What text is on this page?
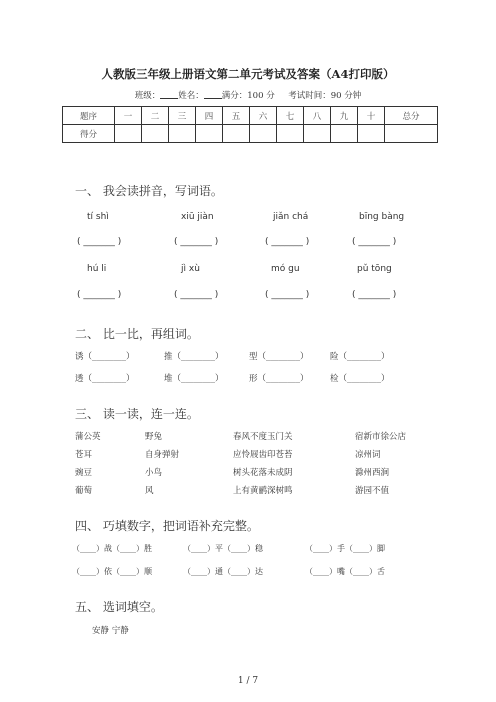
人教版三年级上册语文第二单元考试及答案（A4打印版）
班级： 姓名： 满分：100 分 考试时间：90 分钟
题序	一	二	三	四	五	六	七	八	九	十	总分
得分											
一、 我会读拼音，写词语。
tí shì	xiū jiàn	jiǎn chá	bīng bàng
( _______ )	( _______ )	( _______ )	( _______ )
hú li	jì xù	mó gu	pǔ tōng
( _______ )	( _______ )	( _______ )	( _______ )
二、 比一比，再组词。
诱（________）	推（________）	型（________）	险（________）
透（________）	堆（________）	形（________）	检（________）
三、 读一读，连一连。
蒲公英	野兔	春风不度玉门关	宿新市徐公店
苍耳	自身弹射	应怜屐齿印苍苔	凉州词
豌豆	小鸟	树头花落未成阴	滁州西涧
葡萄	风	上有黄鹂深树鸣	游园不值
四、 巧填数字，把词语补充完整。
（____）战（____）胜	（____）平（____）稳	（____）手（____）脚
（____）依（____）顺	（____）通（____）达	（____）嘴（____）舌
五、 选词填空。
安静 宁静
1 / 7
